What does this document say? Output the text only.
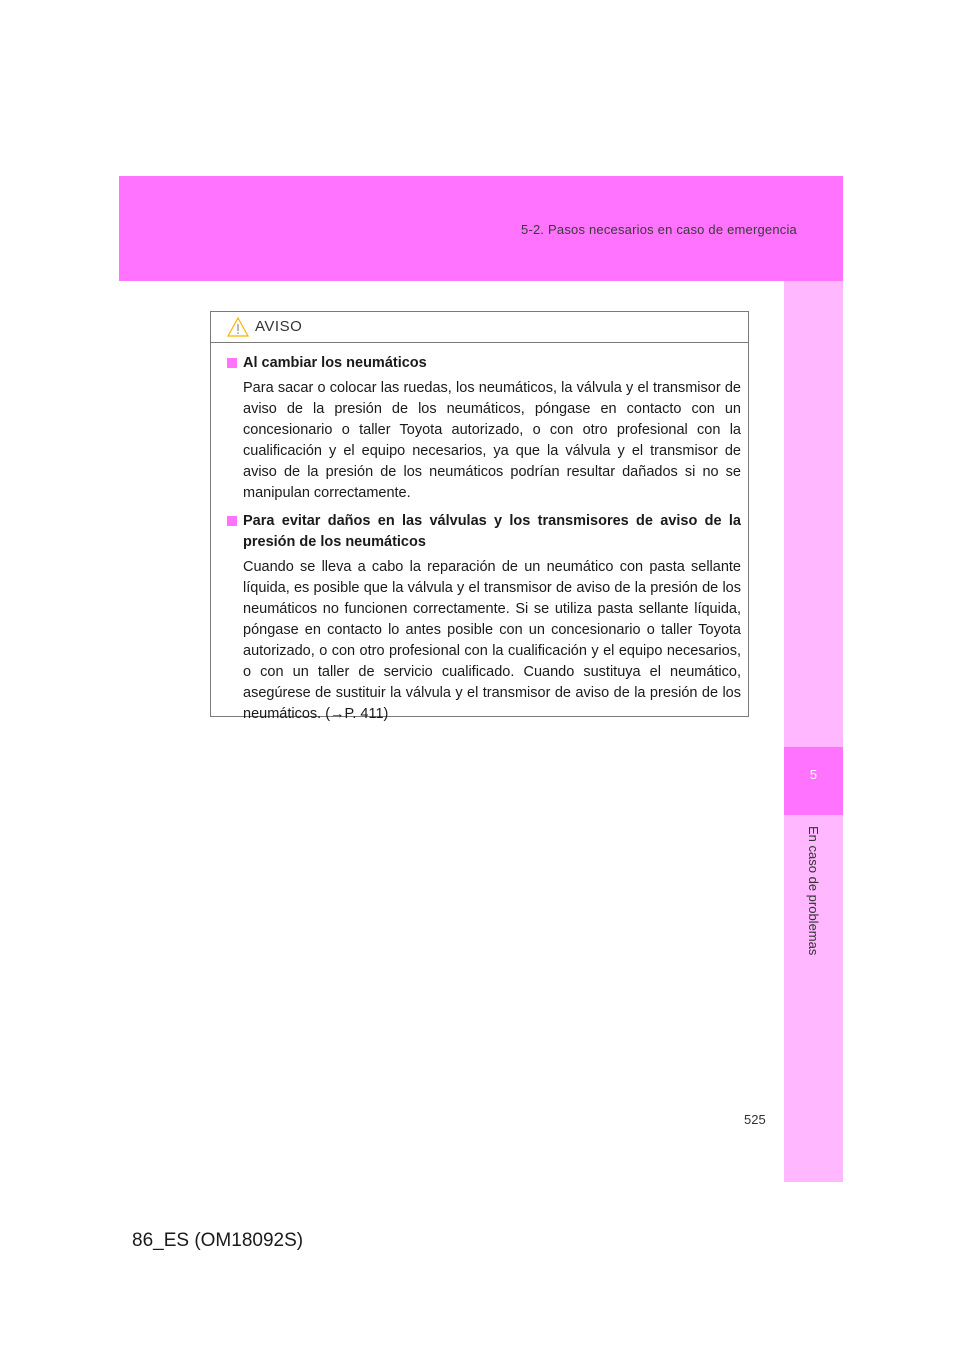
5-2. Pasos necesarios en caso de emergencia
5
En caso de problemas
AVISO
Al cambiar los neumáticos
Para sacar o colocar las ruedas, los neumáticos, la válvula y el transmisor de aviso de la presión de los neumáticos, póngase en contacto con un concesionario o taller Toyota autorizado, o con otro profesional con la cualificación y el equipo necesarios, ya que la válvula y el transmisor de aviso de la presión de los neumáticos podrían resultar dañados si no se manipulan correctamente.
Para evitar daños en las válvulas y los transmisores de aviso de la presión de los neumáticos
Cuando se lleva a cabo la reparación de un neumático con pasta sellante líquida, es posible que la válvula y el transmisor de aviso de la presión de los neumáticos no funcionen correctamente. Si se utiliza pasta sellante líquida, póngase en contacto lo antes posible con un concesionario o taller Toyota autorizado, o con otro profesional con la cualificación y el equipo necesarios, o con un taller de servicio cualificado. Cuando sustituya el neumático, asegúrese de sustituir la válvula y el transmisor de aviso de la presión de los neumáticos. (→P. 411)
525
86_ES (OM18092S)
